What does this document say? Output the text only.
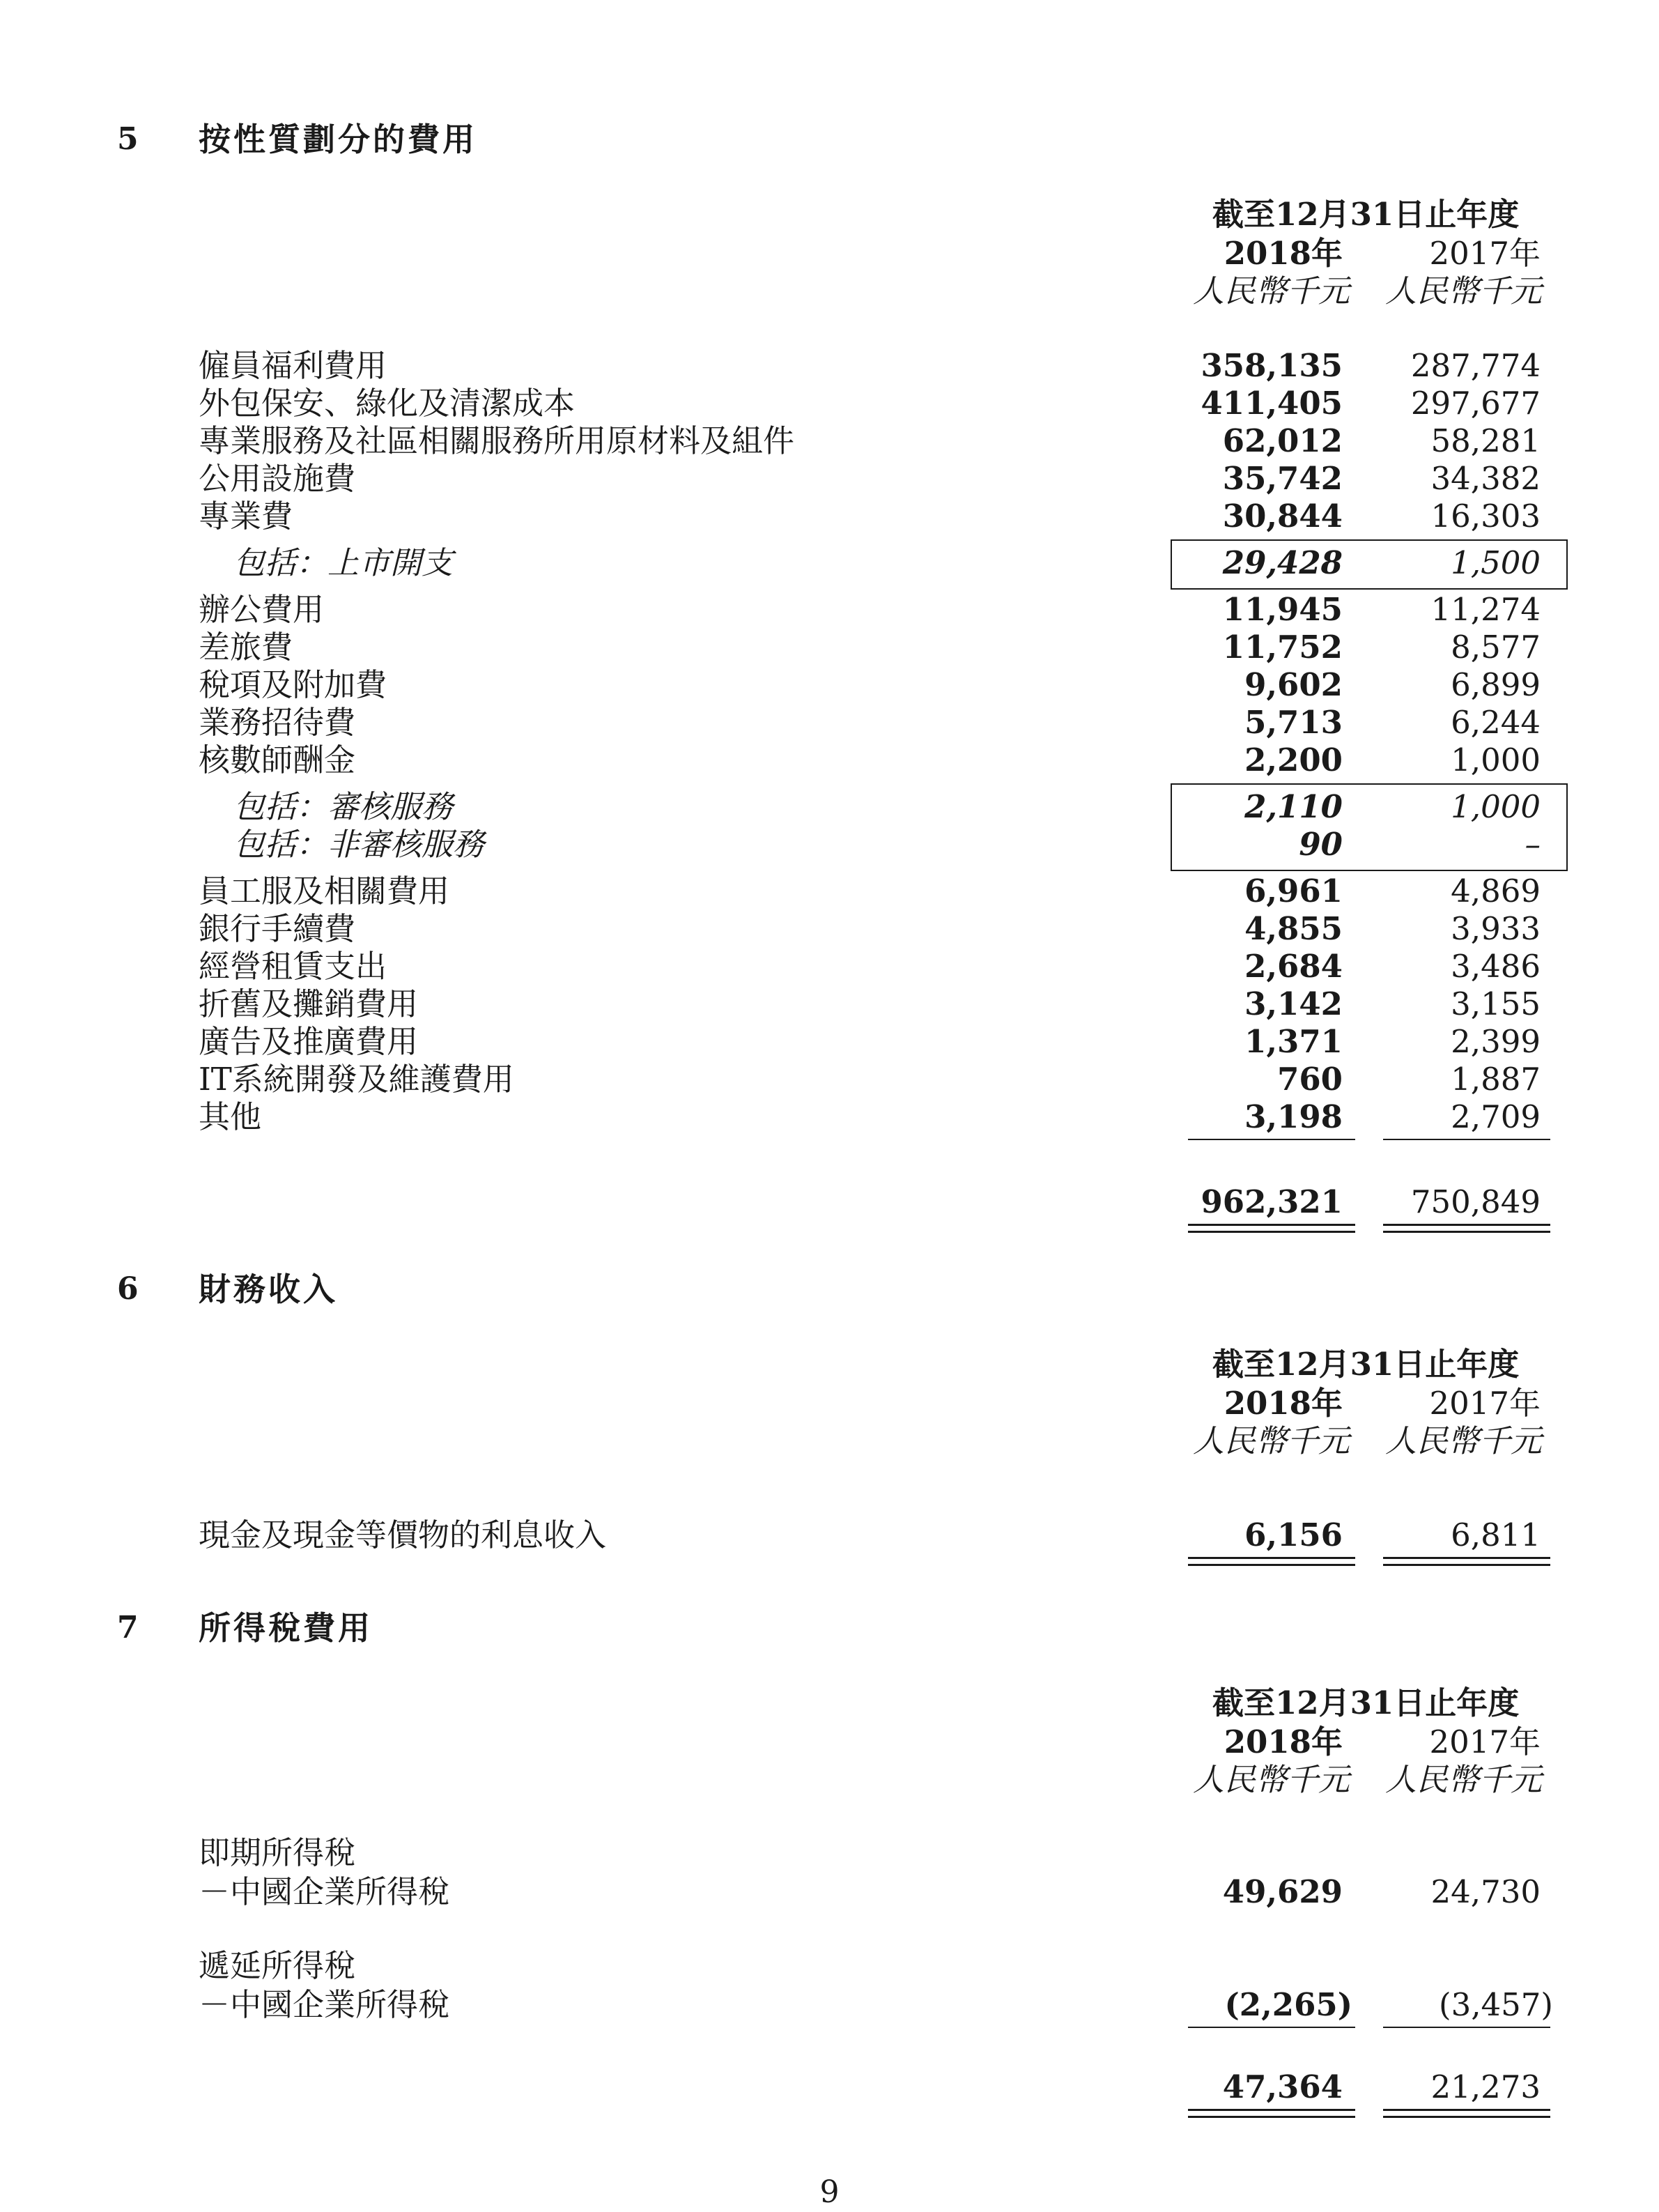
5 按性質劃分的費用
截至12月31日止年度
2018年	2017年
人民幣千元 人民幣千元
僱員福利費用	358,135 287,774
外包保安、綠化及清潔成本	411,405 297,677
專業服務及社區相關服務所用原材料及組件	62,012	58,281
公用設施費	35,742	34,382
專業費	30,844	16,303
包括：上市開支	29,428	1,500
辦公費用	11,945	11,274
差旅費	11,752	8,577
稅項及附加費	9,602	6,899
業務招待費	5,713	6,244
核數師酬金	2,200	1,000
包括：審核服務	2,110	1,000
包括：非審核服務	90	–
員工服及相關費用	6,961	4,869
銀行手續費	4,855	3,933
經營租賃支出	2,684	3,486
折舊及攤銷費用	3,142	3,155
廣告及推廣費用	1,371	2,399
IT系統開發及維護費用	760	1,887
其他	3,198	2,709
962,321 750,849
6 財務收入
截至12月31日止年度
2018年	2017年
人民幣千元 人民幣千元
現金及現金等價物的利息收入	6,156	6,811
7 所得稅費用
截至12月31日止年度
2018年	2017年
人民幣千元 人民幣千元
即期所得稅
－中國企業所得稅	49,629	24,730
遞延所得稅
－中國企業所得稅	(2,265)	(3,457)
47,364	21,273
9
